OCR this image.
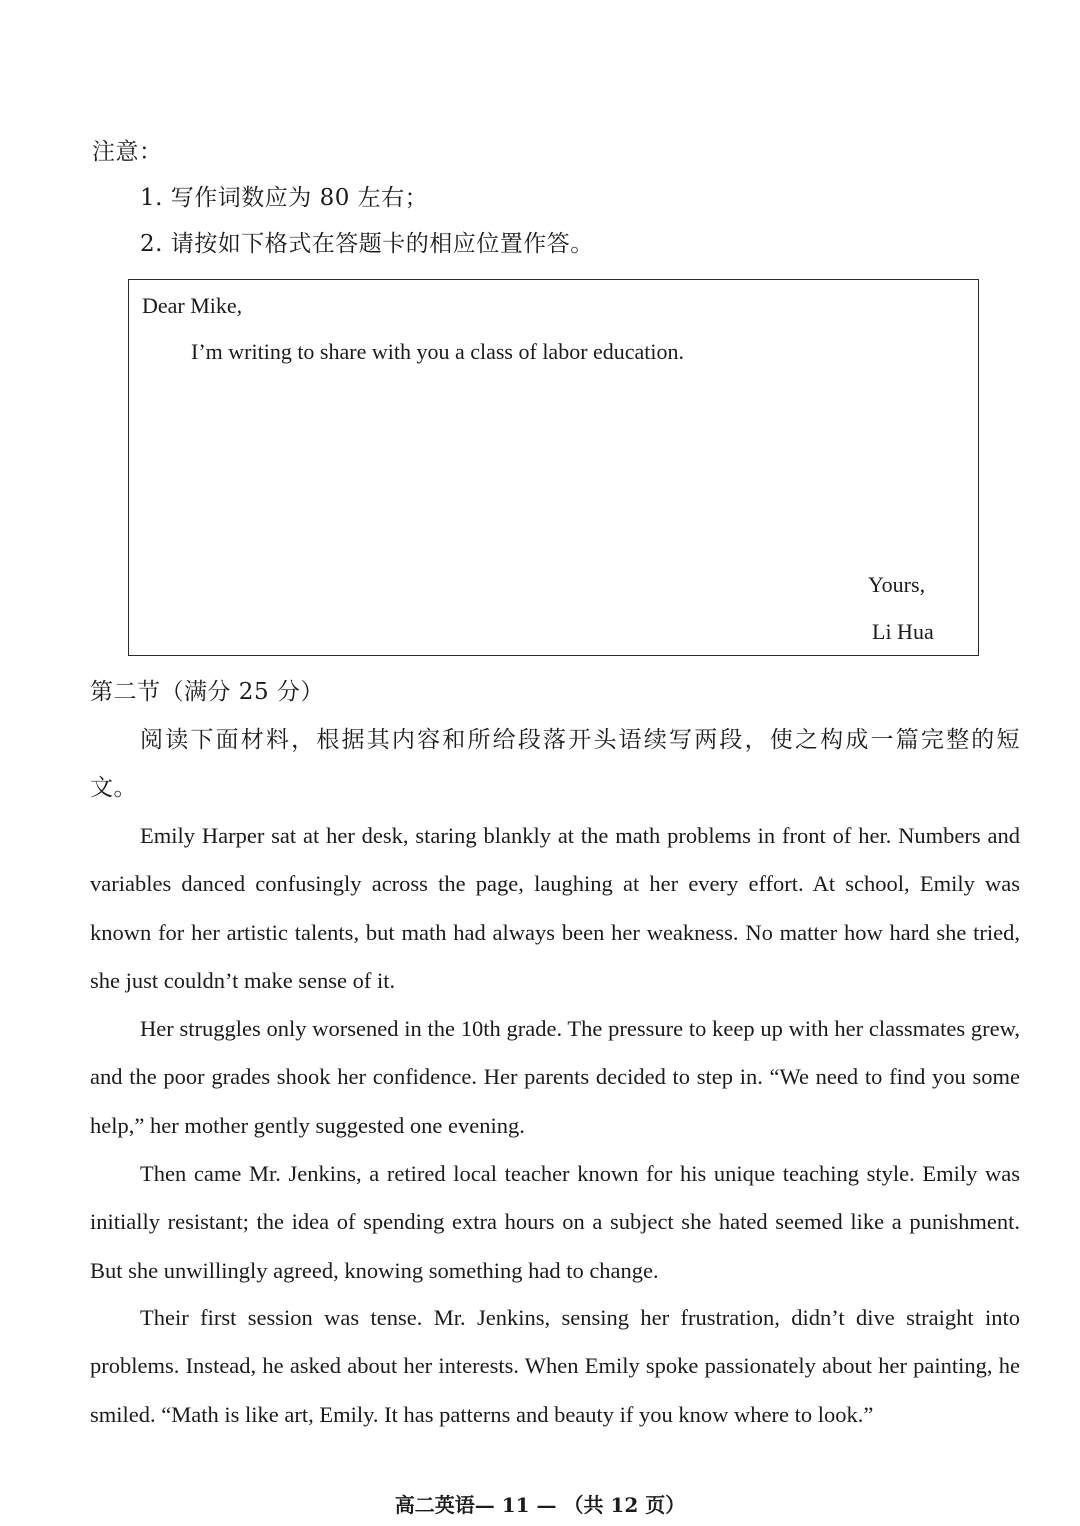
注意：
1. 写作词数应为 80 左右；
2. 请按如下格式在答题卡的相应位置作答。
Dear Mike,
I’m writing to share with you a class of labor education.
Yours,
Li Hua
第二节（满分 25 分）
阅读下面材料，根据其内容和所给段落开头语续写两段，使之构成一篇完整的短
文。

Emily Harper sat at her desk, staring blankly at the math problems in front of her. Numbers and variables danced confusingly across the page, laughing at her every effort. At school, Emily was known for her artistic talents, but math had always been her weakness. No matter how hard she tried, she just couldn’t make sense of it.

Her struggles only worsened in the 10th grade. The pressure to keep up with her classmates grew, and the poor grades shook her confidence. Her parents decided to step in. “We need to find you some help,” her mother gently suggested one evening.

Then came Mr. Jenkins, a retired local teacher known for his unique teaching style. Emily was initially resistant; the idea of spending extra hours on a subject she hated seemed like a punishment. But she unwillingly agreed, knowing something had to change.

Their first session was tense. Mr. Jenkins, sensing her frustration, didn’t dive straight into problems. Instead, he asked about her interests. When Emily spoke passionately about her painting, he smiled. “Math is like art, Emily. It has patterns and beauty if you know where to look.”

高二英语— 11 — （共 12 页）
